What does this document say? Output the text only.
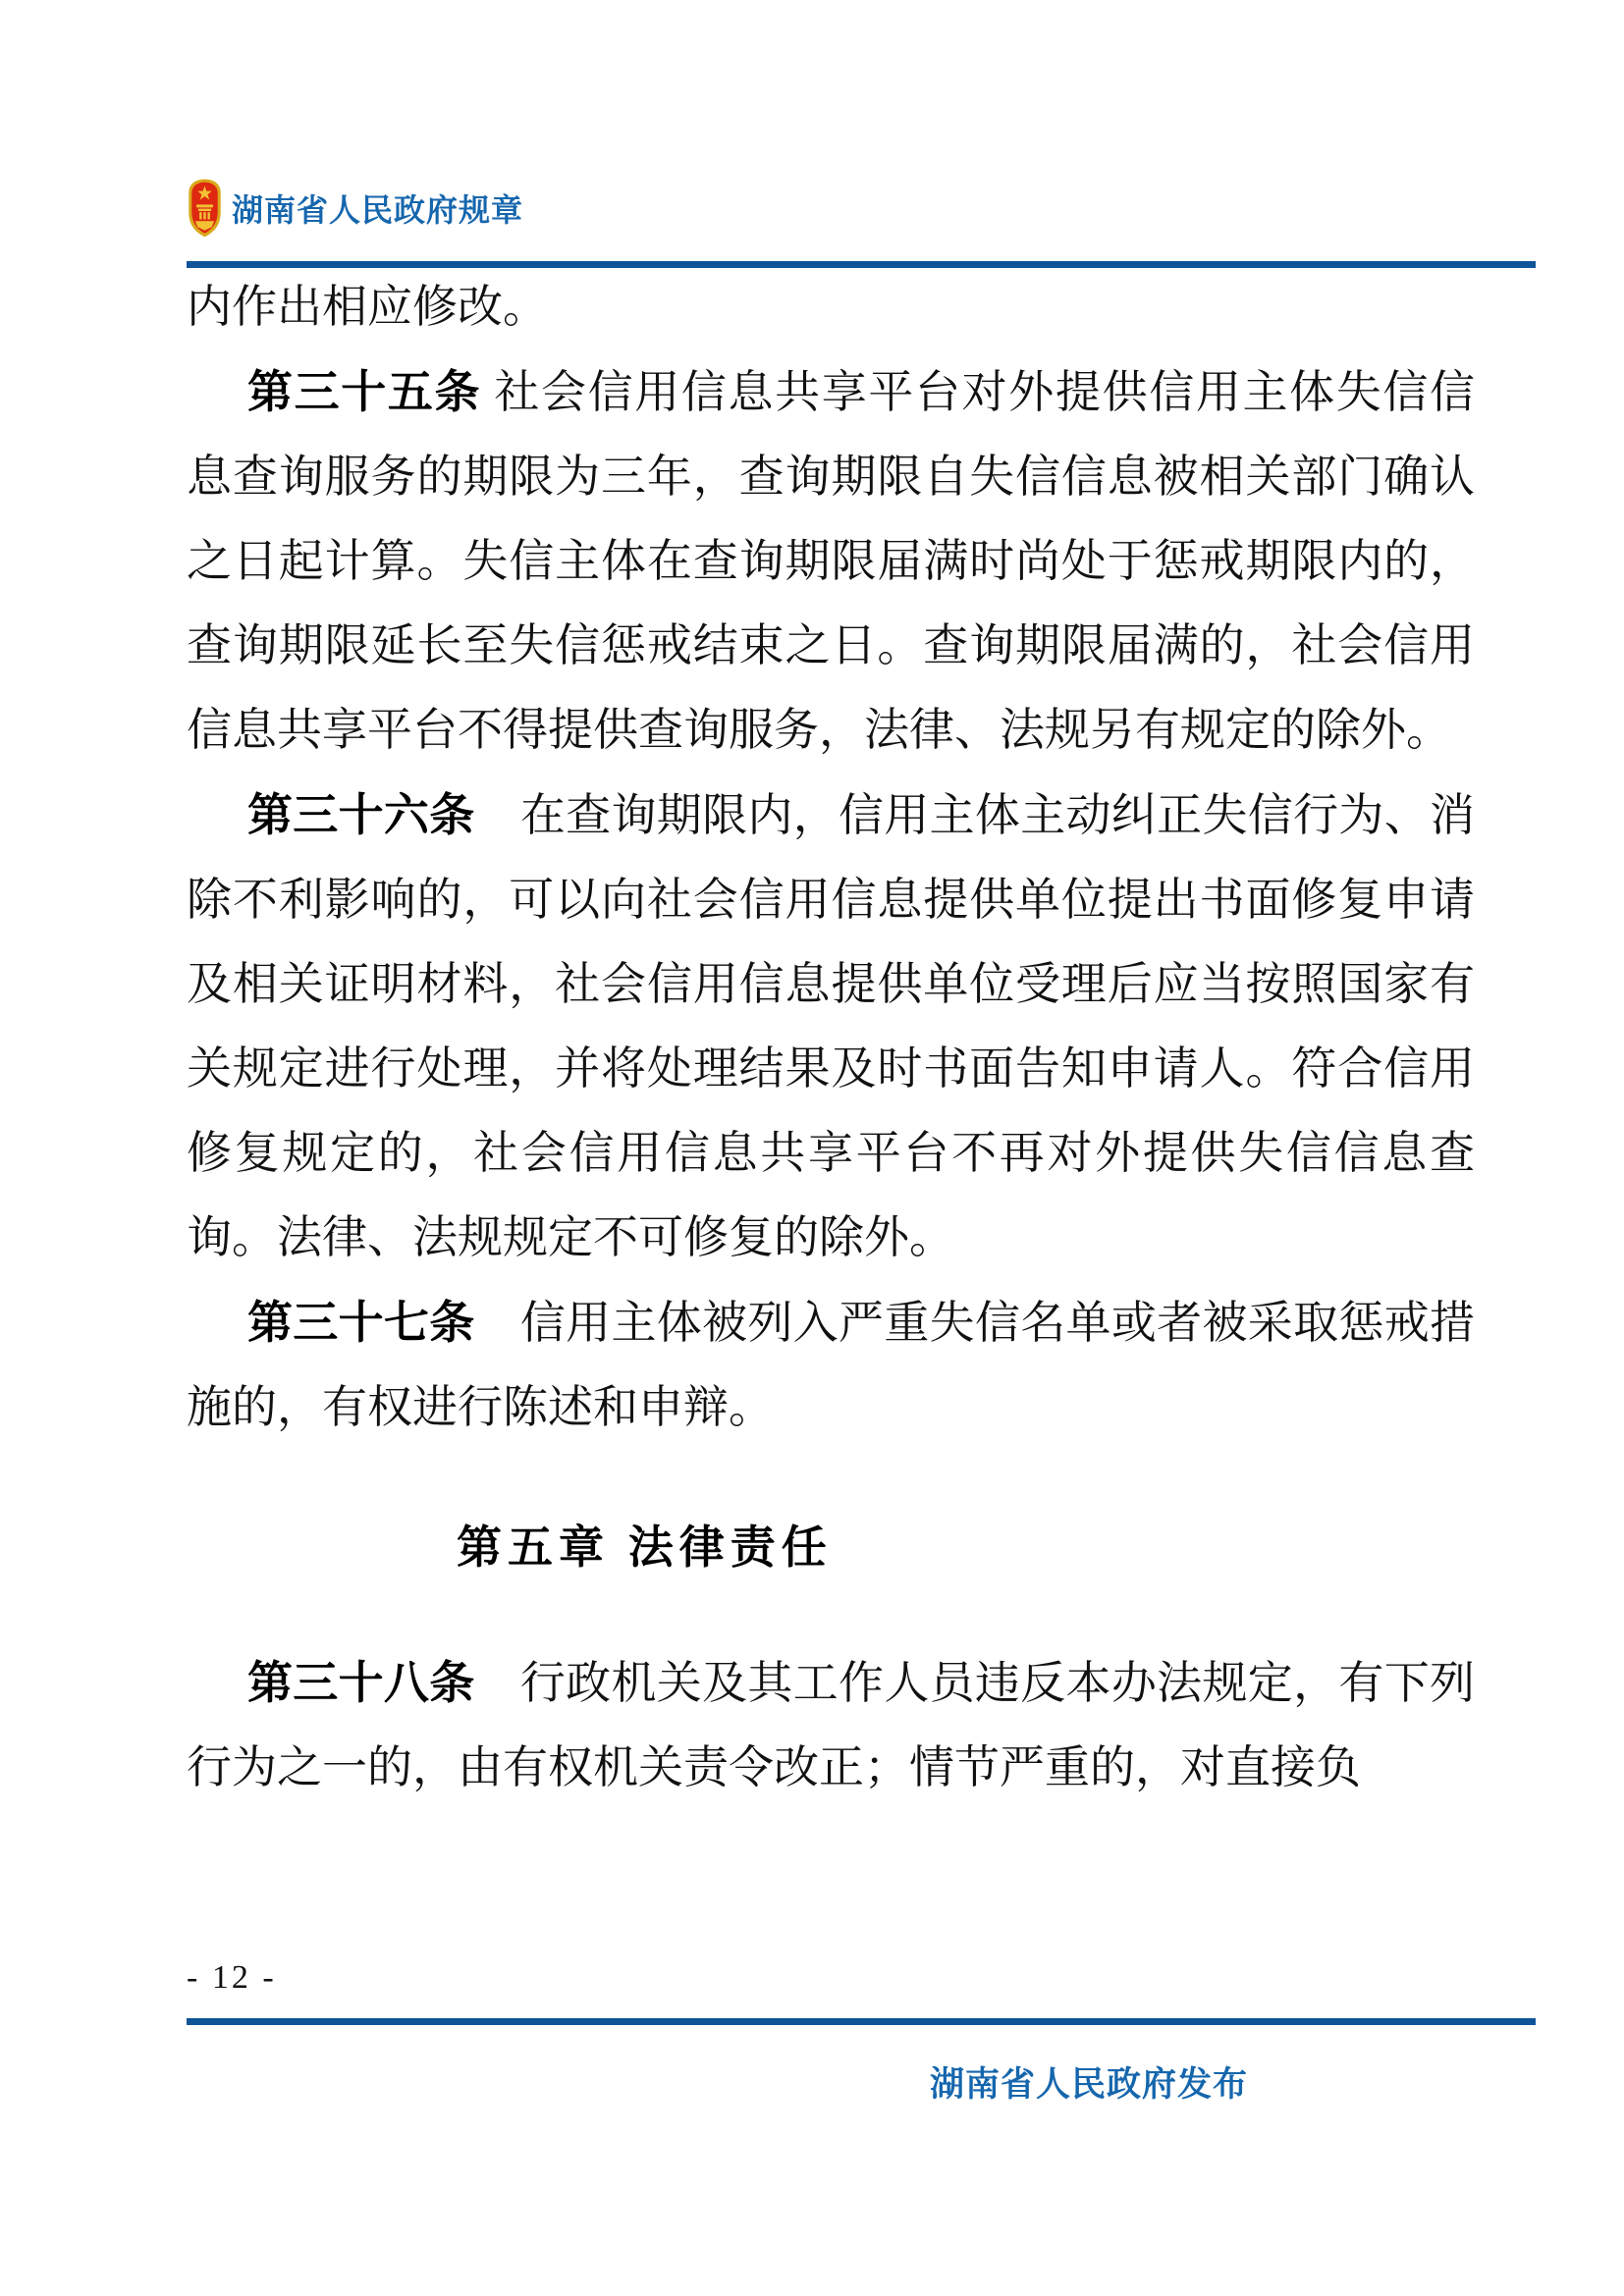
湖南省人民政府规章

内作出相应修改。

第三十五条 社会信用信息共享平台对外提供信用主体失信信息查询服务的期限为三年，查询期限自失信信息被相关部门确认之日起计算。失信主体在查询期限届满时尚处于惩戒期限内的，查询期限延长至失信惩戒结束之日。查询期限届满的，社会信用信息共享平台不得提供查询服务，法律、法规另有规定的除外。

第三十六条　在查询期限内，信用主体主动纠正失信行为、消除不利影响的，可以向社会信用信息提供单位提出书面修复申请及相关证明材料，社会信用信息提供单位受理后应当按照国家有关规定进行处理，并将处理结果及时书面告知申请人。符合信用修复规定的，社会信用信息共享平台不再对外提供失信信息查询。法律、法规规定不可修复的除外。

第三十七条　信用主体被列入严重失信名单或者被采取惩戒措施的，有权进行陈述和申辩。

第五章 法律责任

第三十八条　行政机关及其工作人员违反本办法规定，有下列行为之一的，由有权机关责令改正；情节严重的，对直接负

- 12 -
湖南省人民政府发布
